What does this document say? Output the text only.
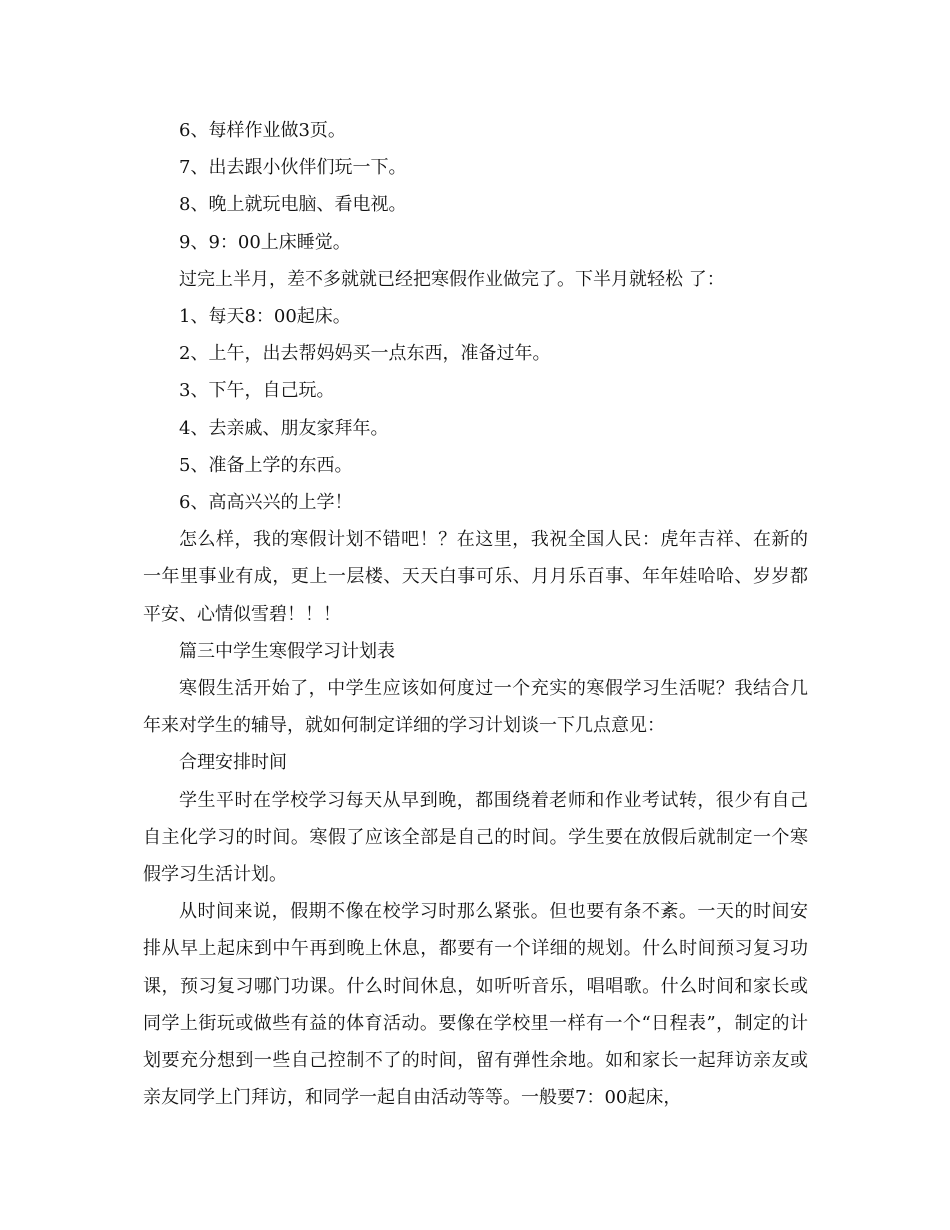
6、每样作业做3页。

7、出去跟小伙伴们玩一下。

8、晚上就玩电脑、看电视。

9、9：00上床睡觉。

过完上半月，差不多就就已经把寒假作业做完了。下半月就轻松 了：

1、每天8：00起床。

2、上午，出去帮妈妈买一点东西，准备过年。

3、下午，自己玩。

4、去亲戚、朋友家拜年。

5、准备上学的东西。

6、高高兴兴的上学！

怎么样，我的寒假计划不错吧！？在这里，我祝全国人民：虎年吉祥、在新的一年里事业有成，更上一层楼、天天白事可乐、月月乐百事、年年娃哈哈、岁岁都平安、心情似雪碧！！！

篇三中学生寒假学习计划表

寒假生活开始了，中学生应该如何度过一个充实的寒假学习生活呢？我结合几年来对学生的辅导，就如何制定详细的学习计划谈一下几点意见：

合理安排时间

学生平时在学校学习每天从早到晚，都围绕着老师和作业考试转，很少有自己自主化学习的时间。寒假了应该全部是自己的时间。学生要在放假后就制定一个寒假学习生活计划。

从时间来说，假期不像在校学习时那么紧张。但也要有条不紊。一天的时间安排从早上起床到中午再到晚上休息，都要有一个详细的规划。什么时间预习复习功课，预习复习哪门功课。什么时间休息，如听听音乐，唱唱歌。什么时间和家长或同学上街玩或做些有益的体育活动。要像在学校里一样有一个“日程表”，制定的计划要充分想到一些自己控制不了的时间，留有弹性余地。如和家长一起拜访亲友或亲友同学上门拜访，和同学一起自由活动等等。一般要7：00起床，
